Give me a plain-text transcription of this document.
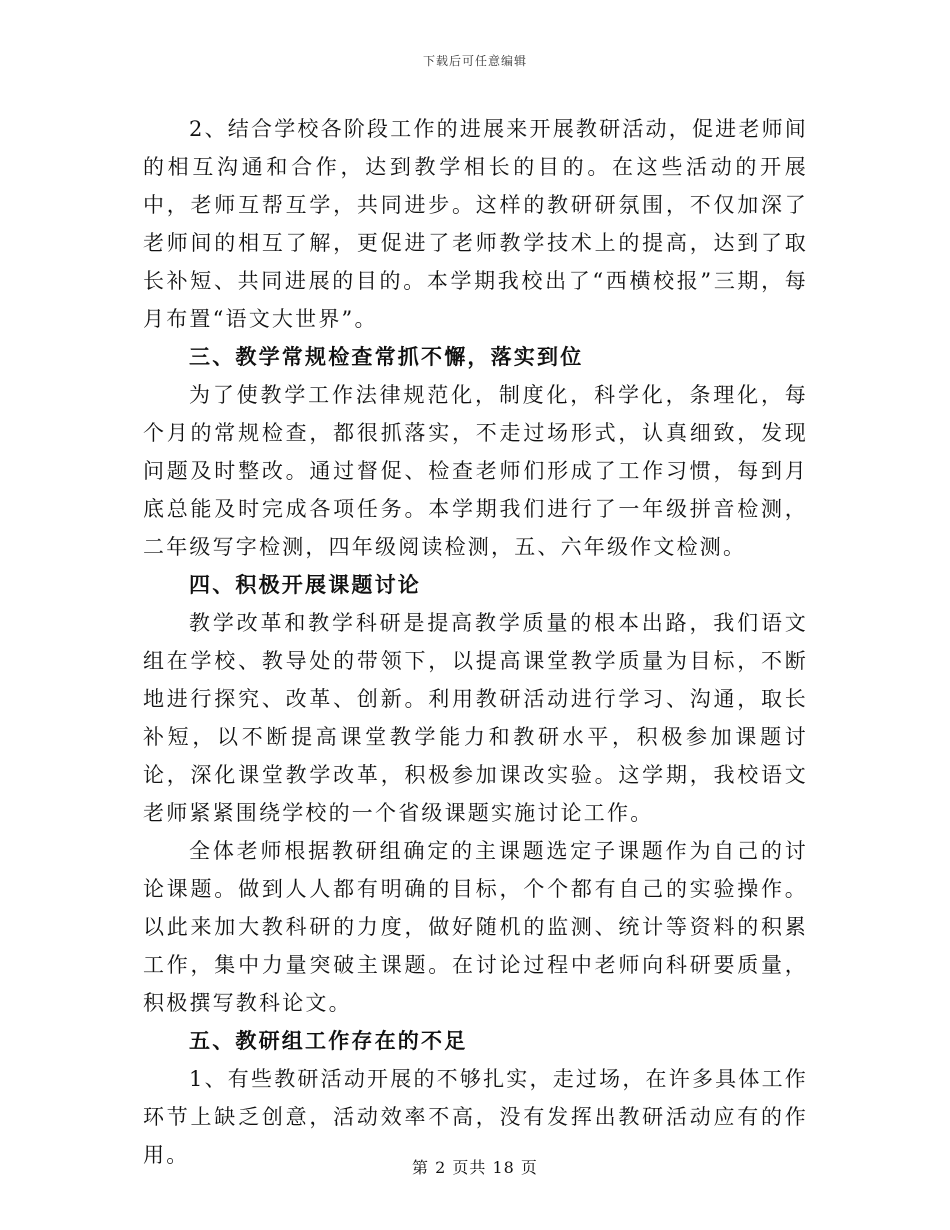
下载后可任意编辑

2、结合学校各阶段工作的进展来开展教研活动，促进老师间的相互沟通和合作，达到教学相长的目的。在这些活动的开展中，老师互帮互学，共同进步。这样的教研研氛围，不仅加深了老师间的相互了解，更促进了老师教学技术上的提高，达到了取长补短、共同进展的目的。本学期我校出了“西横校报”三期，每月布置“语文大世界”。

三、教学常规检查常抓不懈，落实到位

为了使教学工作法律规范化，制度化，科学化，条理化，每个月的常规检查，都很抓落实，不走过场形式，认真细致，发现问题及时整改。通过督促、检查老师们形成了工作习惯，每到月底总能及时完成各项任务。本学期我们进行了一年级拼音检测，二年级写字检测，四年级阅读检测，五、六年级作文检测。

四、积极开展课题讨论

教学改革和教学科研是提高教学质量的根本出路，我们语文组在学校、教导处的带领下，以提高课堂教学质量为目标，不断地进行探究、改革、创新。利用教研活动进行学习、沟通，取长补短，以不断提高课堂教学能力和教研水平，积极参加课题讨论，深化课堂教学改革，积极参加课改实验。这学期，我校语文老师紧紧围绕学校的一个省级课题实施讨论工作。

全体老师根据教研组确定的主课题选定子课题作为自己的讨论课题。做到人人都有明确的目标，个个都有自己的实验操作。以此来加大教科研的力度，做好随机的监测、统计等资料的积累工作，集中力量突破主课题。在讨论过程中老师向科研要质量，积极撰写教科论文。

五、教研组工作存在的不足

1、有些教研活动开展的不够扎实，走过场，在许多具体工作环节上缺乏创意，活动效率不高，没有发挥出教研活动应有的作用。

第 2 页共 18 页
